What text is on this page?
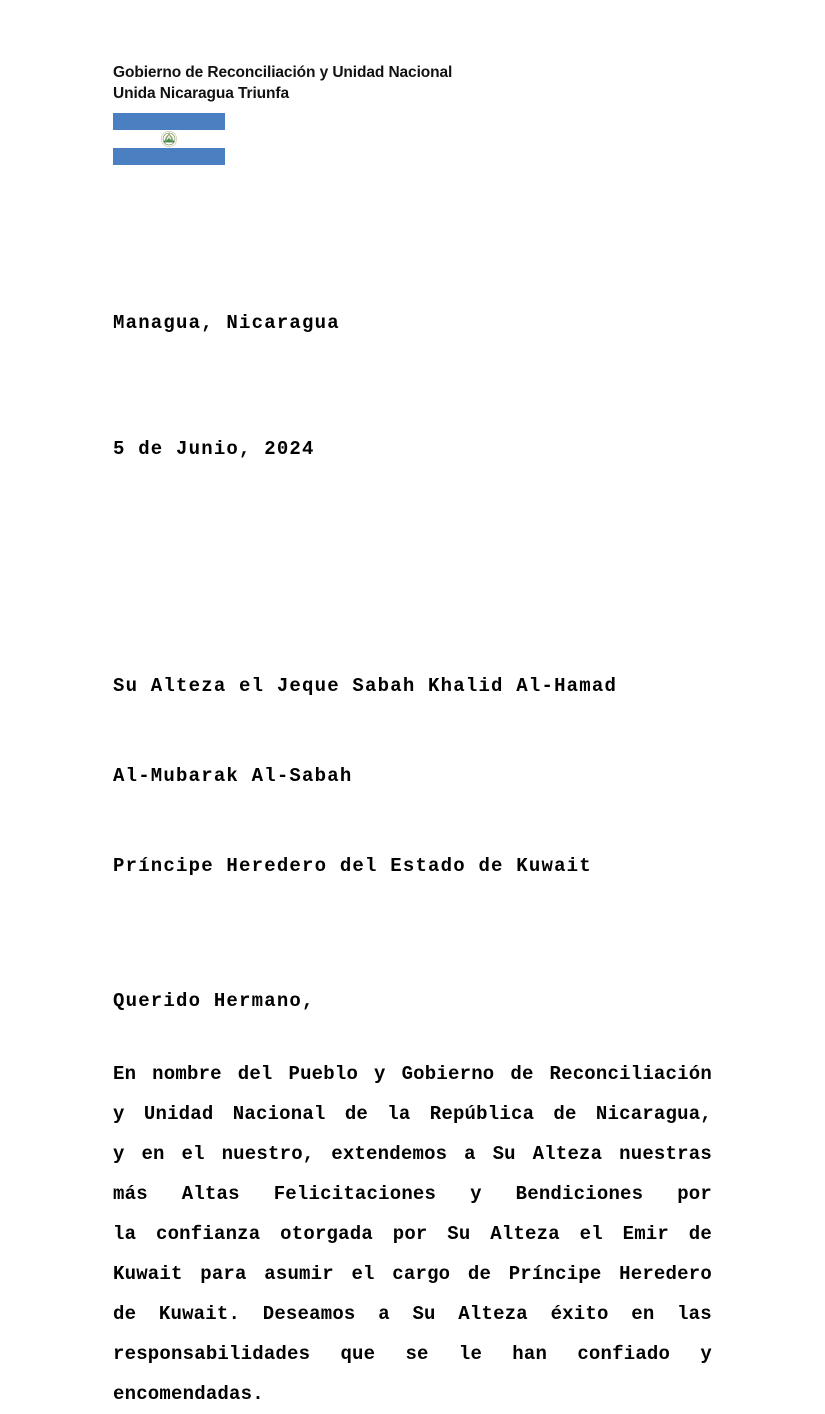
Gobierno de Reconciliación y Unidad Nacional
Unida Nicaragua Triunfa

Managua, Nicaragua

5 de Junio, 2024

Su Alteza el Jeque Sabah Khalid Al-Hamad

Al-Mubarak Al-Sabah

Príncipe Heredero del Estado de Kuwait

Querido Hermano,
En nombre del Pueblo y Gobierno de Reconciliación
y Unidad Nacional de la República de Nicaragua,
y en el nuestro, extendemos a Su Alteza nuestras
más Altas Felicitaciones y Bendiciones por
la confianza otorgada por Su Alteza el Emir de
Kuwait para asumir el cargo de Príncipe Heredero
de Kuwait. Deseamos a Su Alteza éxito en las
responsabilidades que se le han confiado y
encomendadas.
